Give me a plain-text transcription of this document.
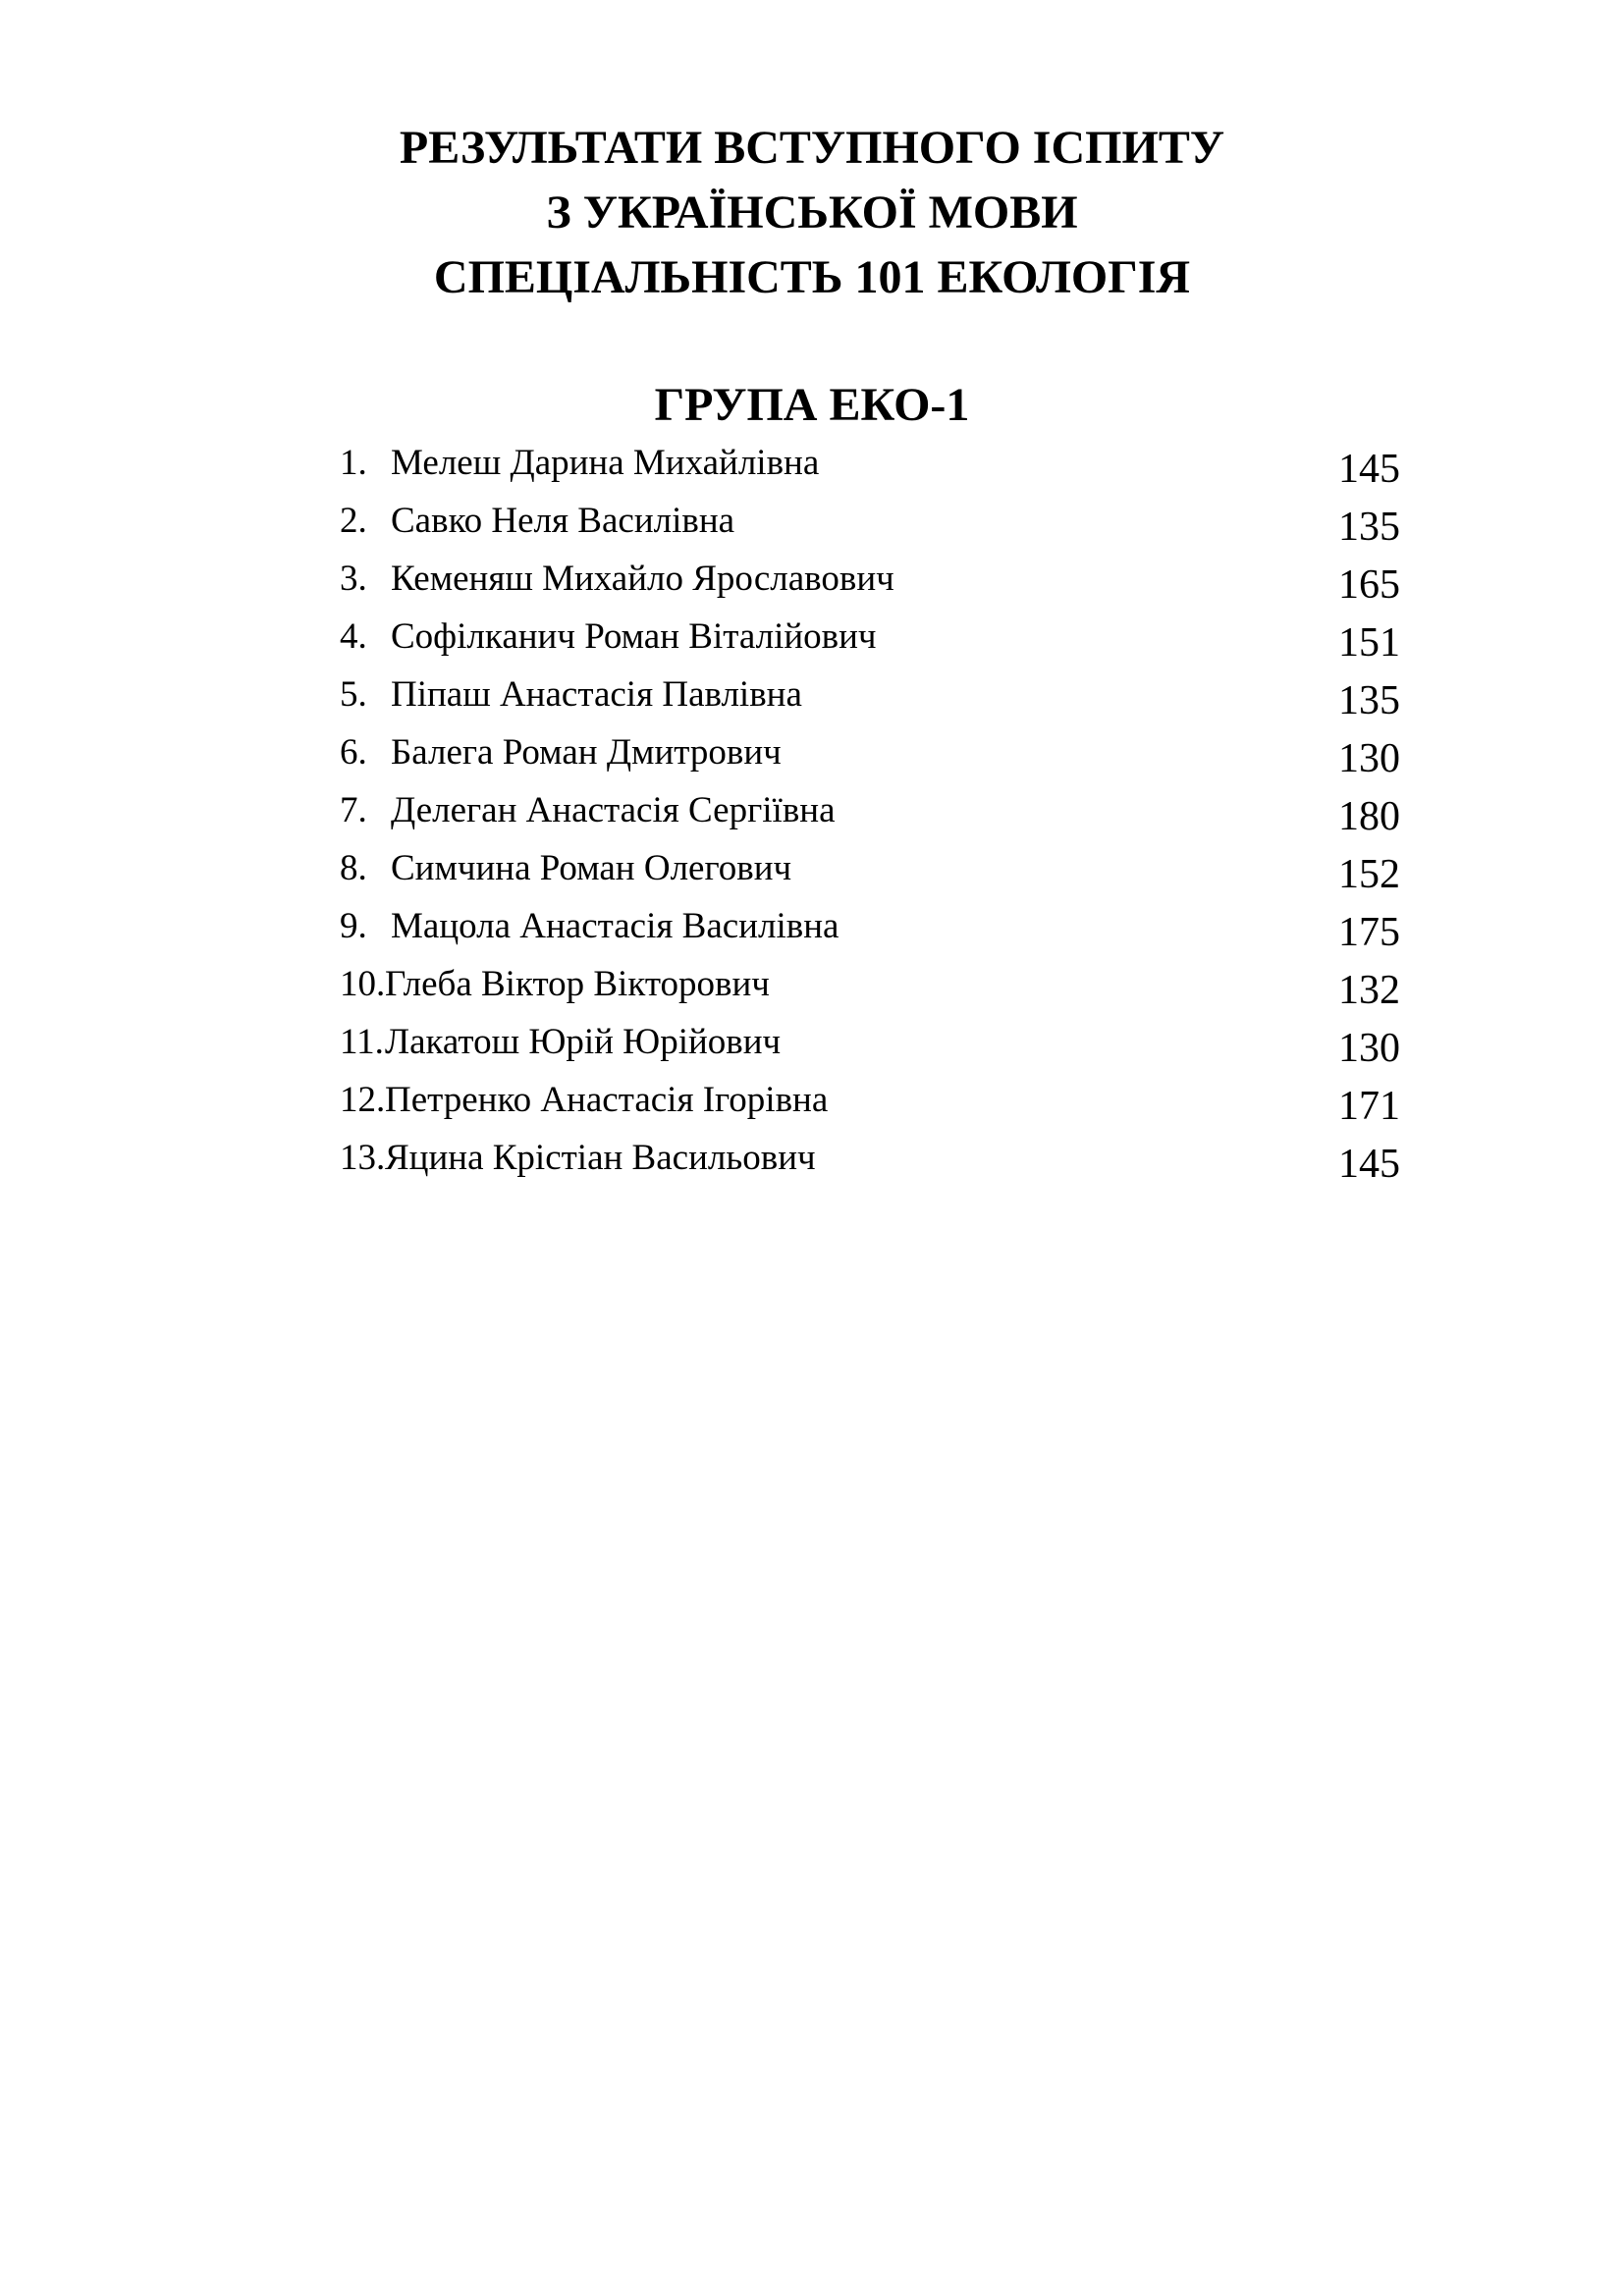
РЕЗУЛЬТАТИ ВСТУПНОГО ІСПИТУ
З УКРАЇНСЬКОЇ МОВИ
СПЕЦІАЛЬНІСТЬ 101 ЕКОЛОГІЯ
ГРУПА ЕКО-1
1. Мелеш Дарина Михайлівна	145
2. Савко Неля Василівна	135
3. Кеменяш Михайло Ярославович	165
4. Софілканич Роман Віталійович	151
5. Піпаш Анастасія Павлівна	135
6. Балега Роман Дмитрович	130
7. Делеган Анастасія Сергіївна	180
8. Симчина Роман Олегович	152
9. Мацола Анастасія Василівна	175
10. Глеба Віктор Вікторович	132
11. Лакатош Юрій Юрійович	130
12. Петренко Анастасія Ігорівна	171
13. Яцина Крістіан Васильович	145
